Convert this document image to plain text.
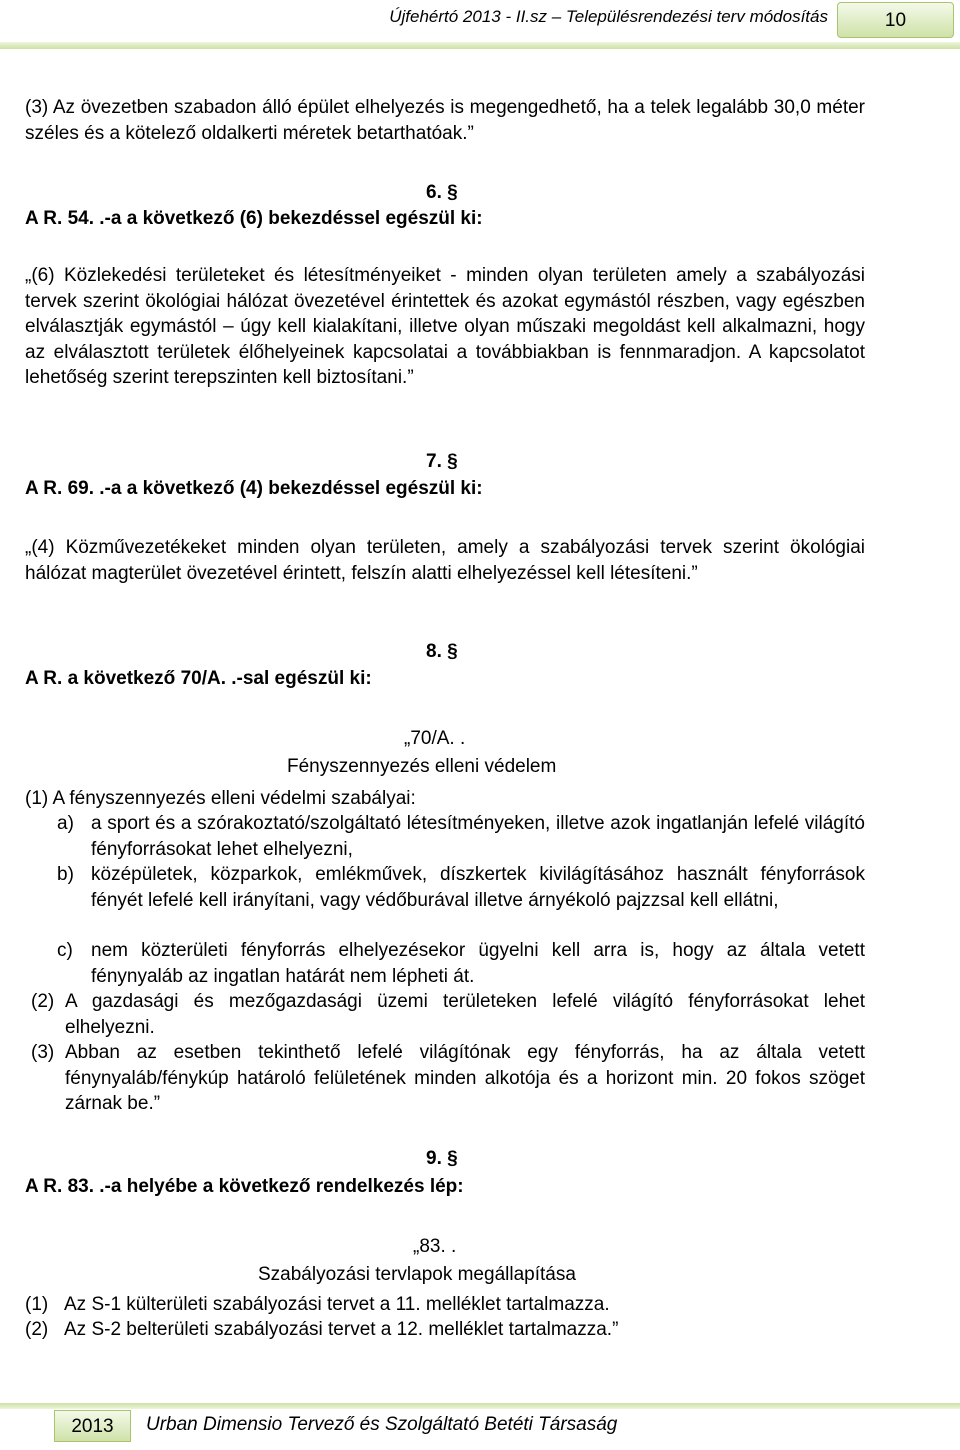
Újfehértó 2013 - II.sz – Településrendezési terv módosítás	10

(3) Az övezetben szabadon álló épület elhelyezés is megengedhető, ha a telek legalább 30,0 méter széles és a kötelező oldalkerti méretek betarthatóak.”

6. §
A R. 54. .-a a következő (6) bekezdéssel egészül ki:

„(6) Közlekedési területeket és létesítményeiket - minden olyan területen amely a szabályozási tervek szerint ökológiai hálózat övezetével érintettek és azokat egymástól részben, vagy egészben elválasztják egymástól – úgy kell kialakítani, illetve olyan műszaki megoldást kell alkalmazni, hogy az elválasztott területek élőhelyeinek kapcsolatai a továbbiakban is fennmaradjon. A kapcsolatot lehetőség szerint terepszinten kell biztosítani.”

7. §
A R. 69. .-a a következő (4) bekezdéssel egészül ki:

„(4) Közművezetékeket minden olyan területen, amely a szabályozási tervek szerint ökológiai hálózat magterület övezetével érintett, felszín alatti elhelyezéssel kell létesíteni.”

8. §
A R. a következő 70/A. .-sal egészül ki:
„70/A. .
Fényszennyezés elleni védelem
(1) A fényszennyezés elleni védelmi szabályai:
a) a sport és a szórakoztató/szolgáltató létesítményeken, illetve azok ingatlanján lefelé világító fényforrásokat lehet elhelyezni,
b) középületek, közparkok, emlékművek, díszkertek kivilágításához használt fényforrások fényét lefelé kell irányítani, vagy védőburával illetve árnyékoló pajzzsal kell ellátni,
c) nem közterületi fényforrás elhelyezésekor ügyelni kell arra is, hogy az általa vetett fénynyaláb az ingatlan határát nem lépheti át.
(2) A gazdasági és mezőgazdasági üzemi területeken lefelé világító fényforrásokat lehet elhelyezni.
(3) Abban az esetben tekinthető lefelé világítónak egy fényforrás, ha az általa vetett fénynyaláb/fénykúp határoló felületének minden alkotója és a horizont min. 20 fokos szöget zárnak be.”
9. §
A R. 83. .-a helyébe a következő rendelkezés lép:
„83. .
Szabályozási tervlapok megállapítása
(1) Az S-1 külterületi szabályozási tervet a 11. melléklet tartalmazza.
(2) Az S-2 belterületi szabályozási tervet a 12. melléklet tartalmazza.”
2013	Urban Dimensio Tervező és Szolgáltató Betéti Társaság
